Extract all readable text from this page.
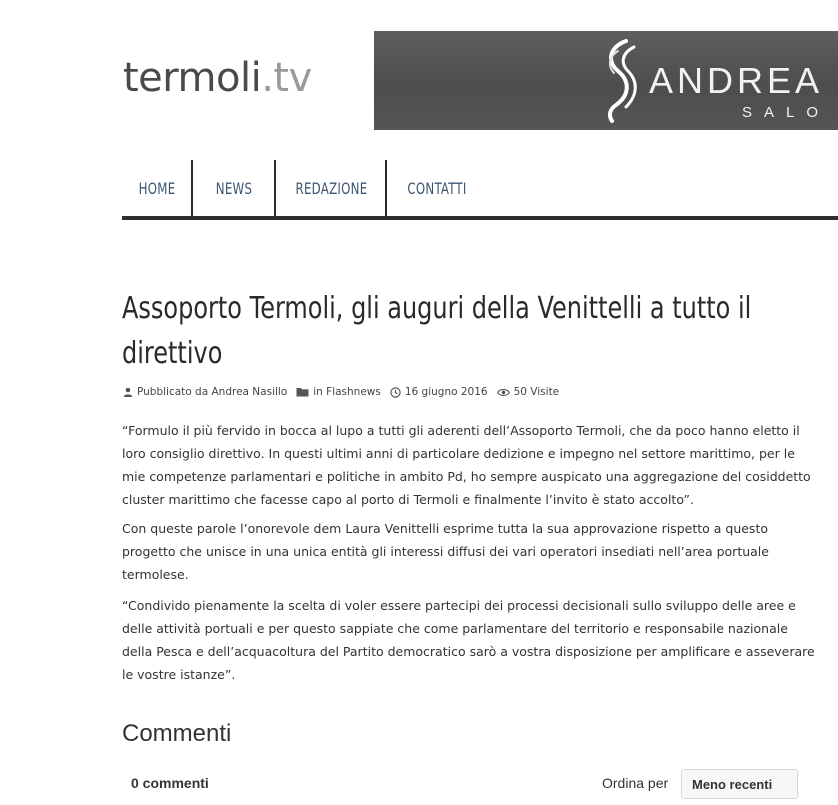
termoli.tv	ANDREA
SALO
HOME	NEWS	REDAZIONE	CONTATTI
Assoporto Termoli, gli auguri della Venittelli a tutto il direttivo
Pubblicato da Andrea Nasillo in Flashnews 16 giugno 2016 50 Visite

“Formulo il più fervido in bocca al lupo a tutti gli aderenti dell’Assoporto Termoli, che da poco hanno eletto il loro consiglio direttivo. In questi ultimi anni di particolare dedizione e impegno nel settore marittimo, per le mie competenze parlamentari e politiche in ambito Pd, ho sempre auspicato una aggregazione del cosiddetto cluster marittimo che facesse capo al porto di Termoli e finalmente l’invito è stato accolto”.

Con queste parole l’onorevole dem Laura Venittelli esprime tutta la sua approvazione rispetto a questo progetto che unisce in una unica entità gli interessi diffusi dei vari operatori insediati nell’area portuale termolese.

“Condivido pienamente la scelta di voler essere partecipi dei processi decisionali sullo sviluppo delle aree e delle attività portuali e per questo sappiate che come parlamentare del territorio e responsabile nazionale della Pesca e dell’acquacoltura del Partito democratico sarò a vostra disposizione per amplificare e asseverare le vostre istanze”.

Commenti
0 commenti	Ordina per Meno recenti
